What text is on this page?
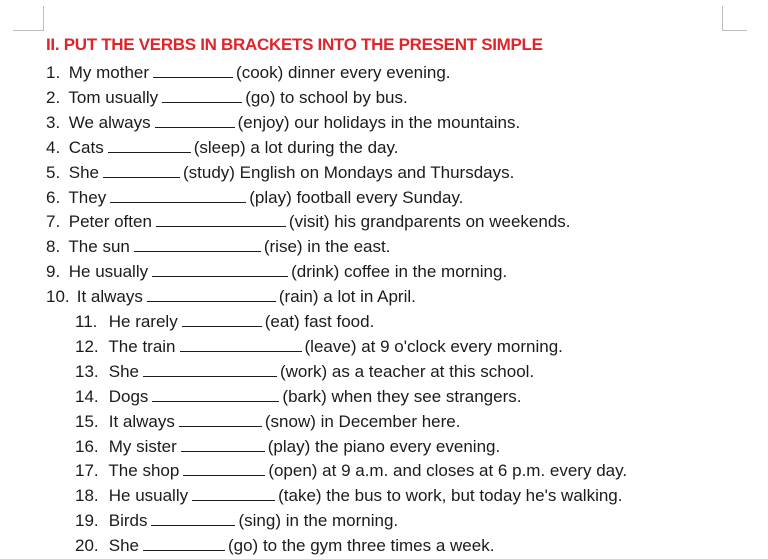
II. PUT THE VERBS IN BRACKETS INTO THE PRESENT SIMPLE
1. My mother	(cook) dinner every evening.
2. Tom usually	(go) to school by bus.
3. We always	(enjoy) our holidays in the mountains.
4. Cats	(sleep) a lot during the day.
5. She	(study) English on Mondays and Thursdays.
6. They	(play) football every Sunday.
7. Peter often	(visit) his grandparents on weekends.
8. The sun	(rise) in the east.
9. He usually	(drink) coffee in the morning.
10. It always	(rain) a lot in April.
11. He rarely	(eat) fast food.
12. The train	(leave) at 9 o'clock every morning.
13. She	(work) as a teacher at this school.
14. Dogs	(bark) when they see strangers.
15. It always	(snow) in December here.
16. My sister	(play) the piano every evening.
17. The shop	(open) at 9 a.m. and closes at 6 p.m. every day.
18. He usually	(take) the bus to work, but today he's walking.
19. Birds	(sing) in the morning.
20. She	(go) to the gym three times a week.
